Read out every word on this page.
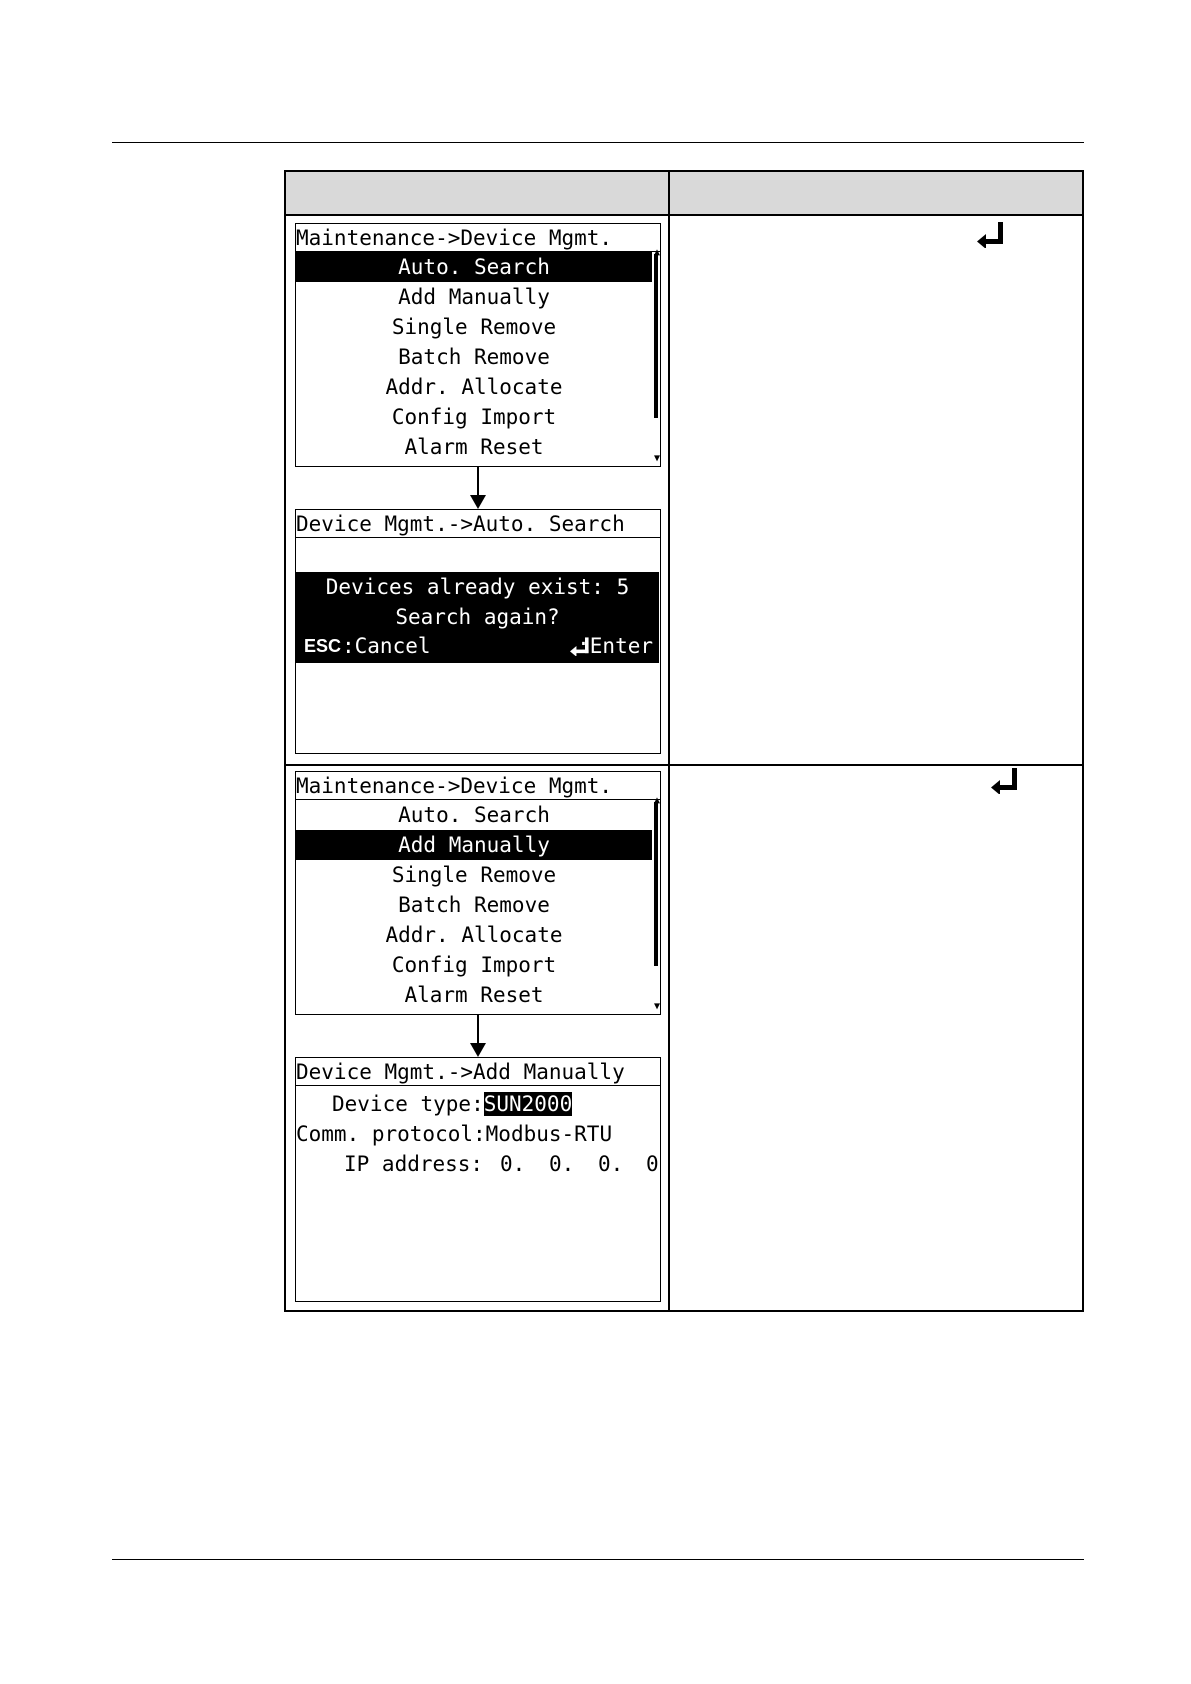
Maintenance->Device Mgmt.
Auto. Search
Add Manually
Single Remove
Batch Remove
Addr. Allocate
Config Import
Alarm Reset
▲
▼
Device Mgmt.->Auto. Search
Devices already exist: 5
Search again?
ESC :Cancel	:Enter
Maintenance->Device Mgmt.
Auto. Search
Add Manually
Single Remove
Batch Remove
Addr. Allocate
Config Import
Alarm Reset
▲
▼
Device Mgmt.->Add Manually
Device type:SUN2000
Comm. protocol:Modbus-RTU
IP address: 0. 0. 0. 0
